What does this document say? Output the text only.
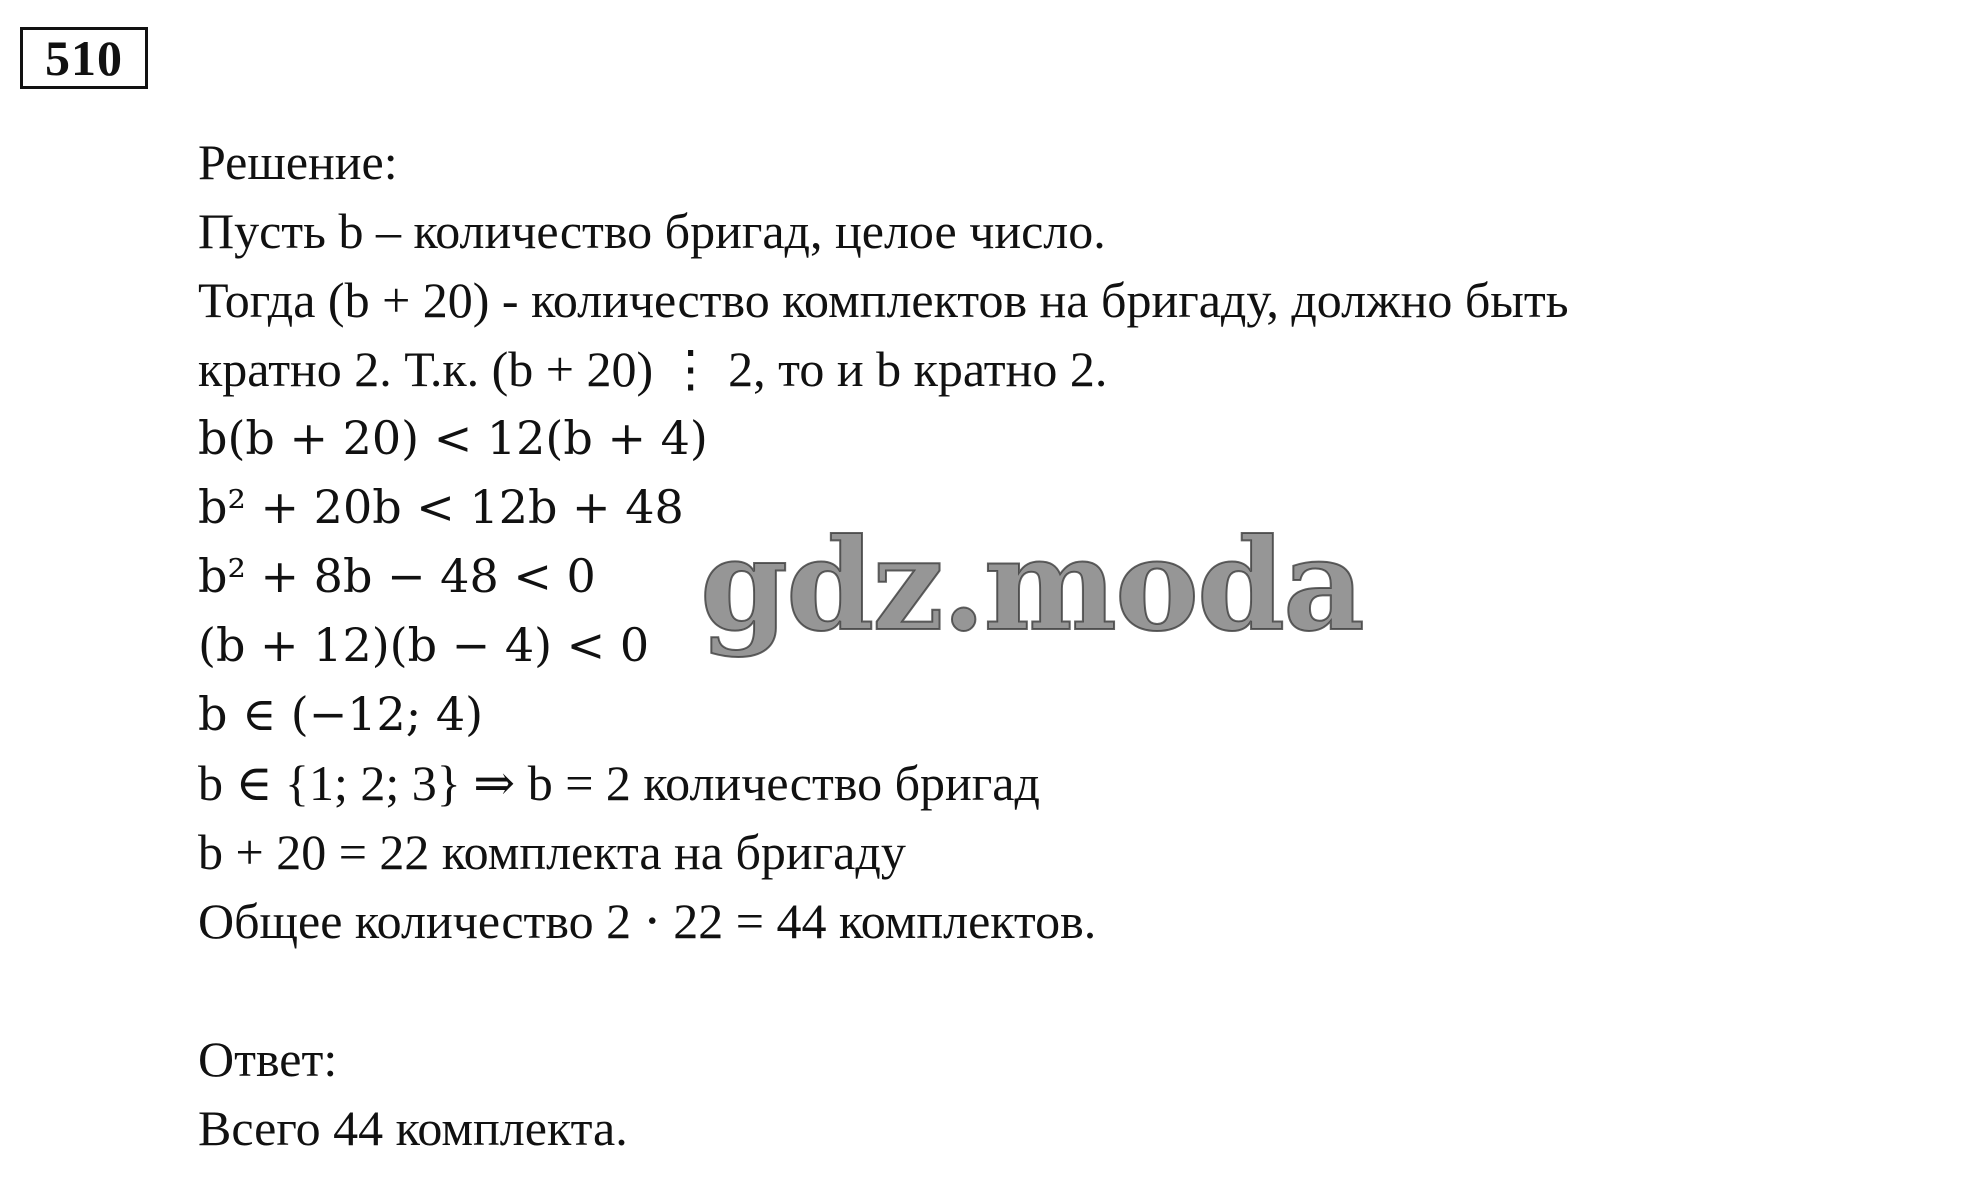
510
Решение:
Пусть b – количество бригад, целое число.
Тогда (b + 20) - количество комплектов на бригаду, должно быть
кратно 2. Т.к. (b + 20) ⋮ 2, то и b кратно 2.
b(b + 20) < 12(b + 4)
b² + 20b < 12b + 48
b² + 8b − 48 < 0
(b + 12)(b − 4) < 0
b ∈ (−12; 4)
b ∈ {1; 2; 3} ⇒ b = 2 количество бригад
b + 20 = 22 комплекта на бригаду
Общее количество 2 ⋅ 22 = 44 комплектов.
Ответ:
Всего 44 комплекта.
gdz.moda
